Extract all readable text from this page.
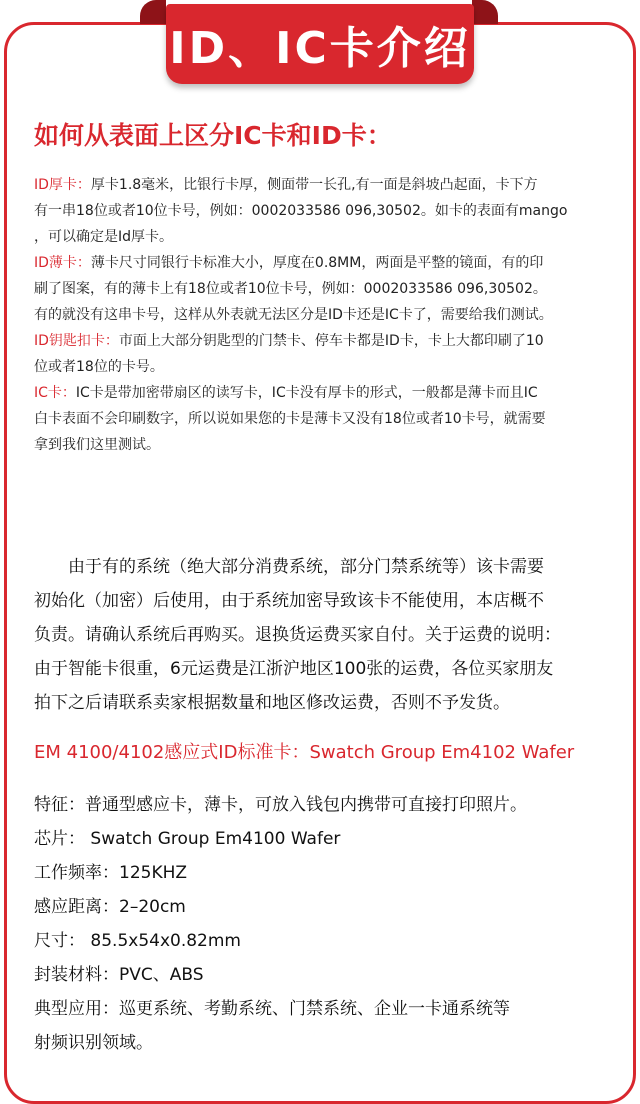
ID、IC卡介绍
如何从表面上区分IC卡和ID卡：

ID厚卡：厚卡1.8毫米，比银行卡厚，侧面带一长孔,有一面是斜坡凸起面，卡下方

有一串18位或者10位卡号，例如：0002033586 096,30502。如卡的表面有mango

，可以确定是Id厚卡。

ID薄卡：薄卡尺寸同银行卡标准大小，厚度在0.8MM，两面是平整的镜面，有的印

刷了图案，有的薄卡上有18位或者10位卡号，例如：0002033586 096,30502。

有的就没有这串卡号，这样从外表就无法区分是ID卡还是IC卡了，需要给我们测试。

ID钥匙扣卡：市面上大部分钥匙型的门禁卡、停车卡都是ID卡，卡上大都印刷了10

位或者18位的卡号。

IC卡：IC卡是带加密带扇区的读写卡，IC卡没有厚卡的形式，一般都是薄卡而且IC

白卡表面不会印刷数字，所以说如果您的卡是薄卡又没有18位或者10卡号，就需要

拿到我们这里测试。

　　由于有的系统（绝大部分消费系统，部分门禁系统等）该卡需要
初始化（加密）后使用，由于系统加密导致该卡不能使用，本店概不
负责。请确认系统后再购买。退换货运费买家自付。关于运费的说明：
由于智能卡很重，6元运费是江浙沪地区100张的运费，各位买家朋友
拍下之后请联系卖家根据数量和地区修改运费，否则不予发货。
EM 4100/4102感应式ID标准卡：Swatch Group Em4102 Wafer

特征：普通型感应卡，薄卡，可放入钱包内携带可直接打印照片。

芯片： Swatch Group Em4100 Wafer

工作频率：125KHZ

感应距离：2–20cm

尺寸： 85.5x54x0.82mm

封装材料：PVC、ABS

典型应用：巡更系统、考勤系统、门禁系统、企业一卡通系统等

射频识别领域。
